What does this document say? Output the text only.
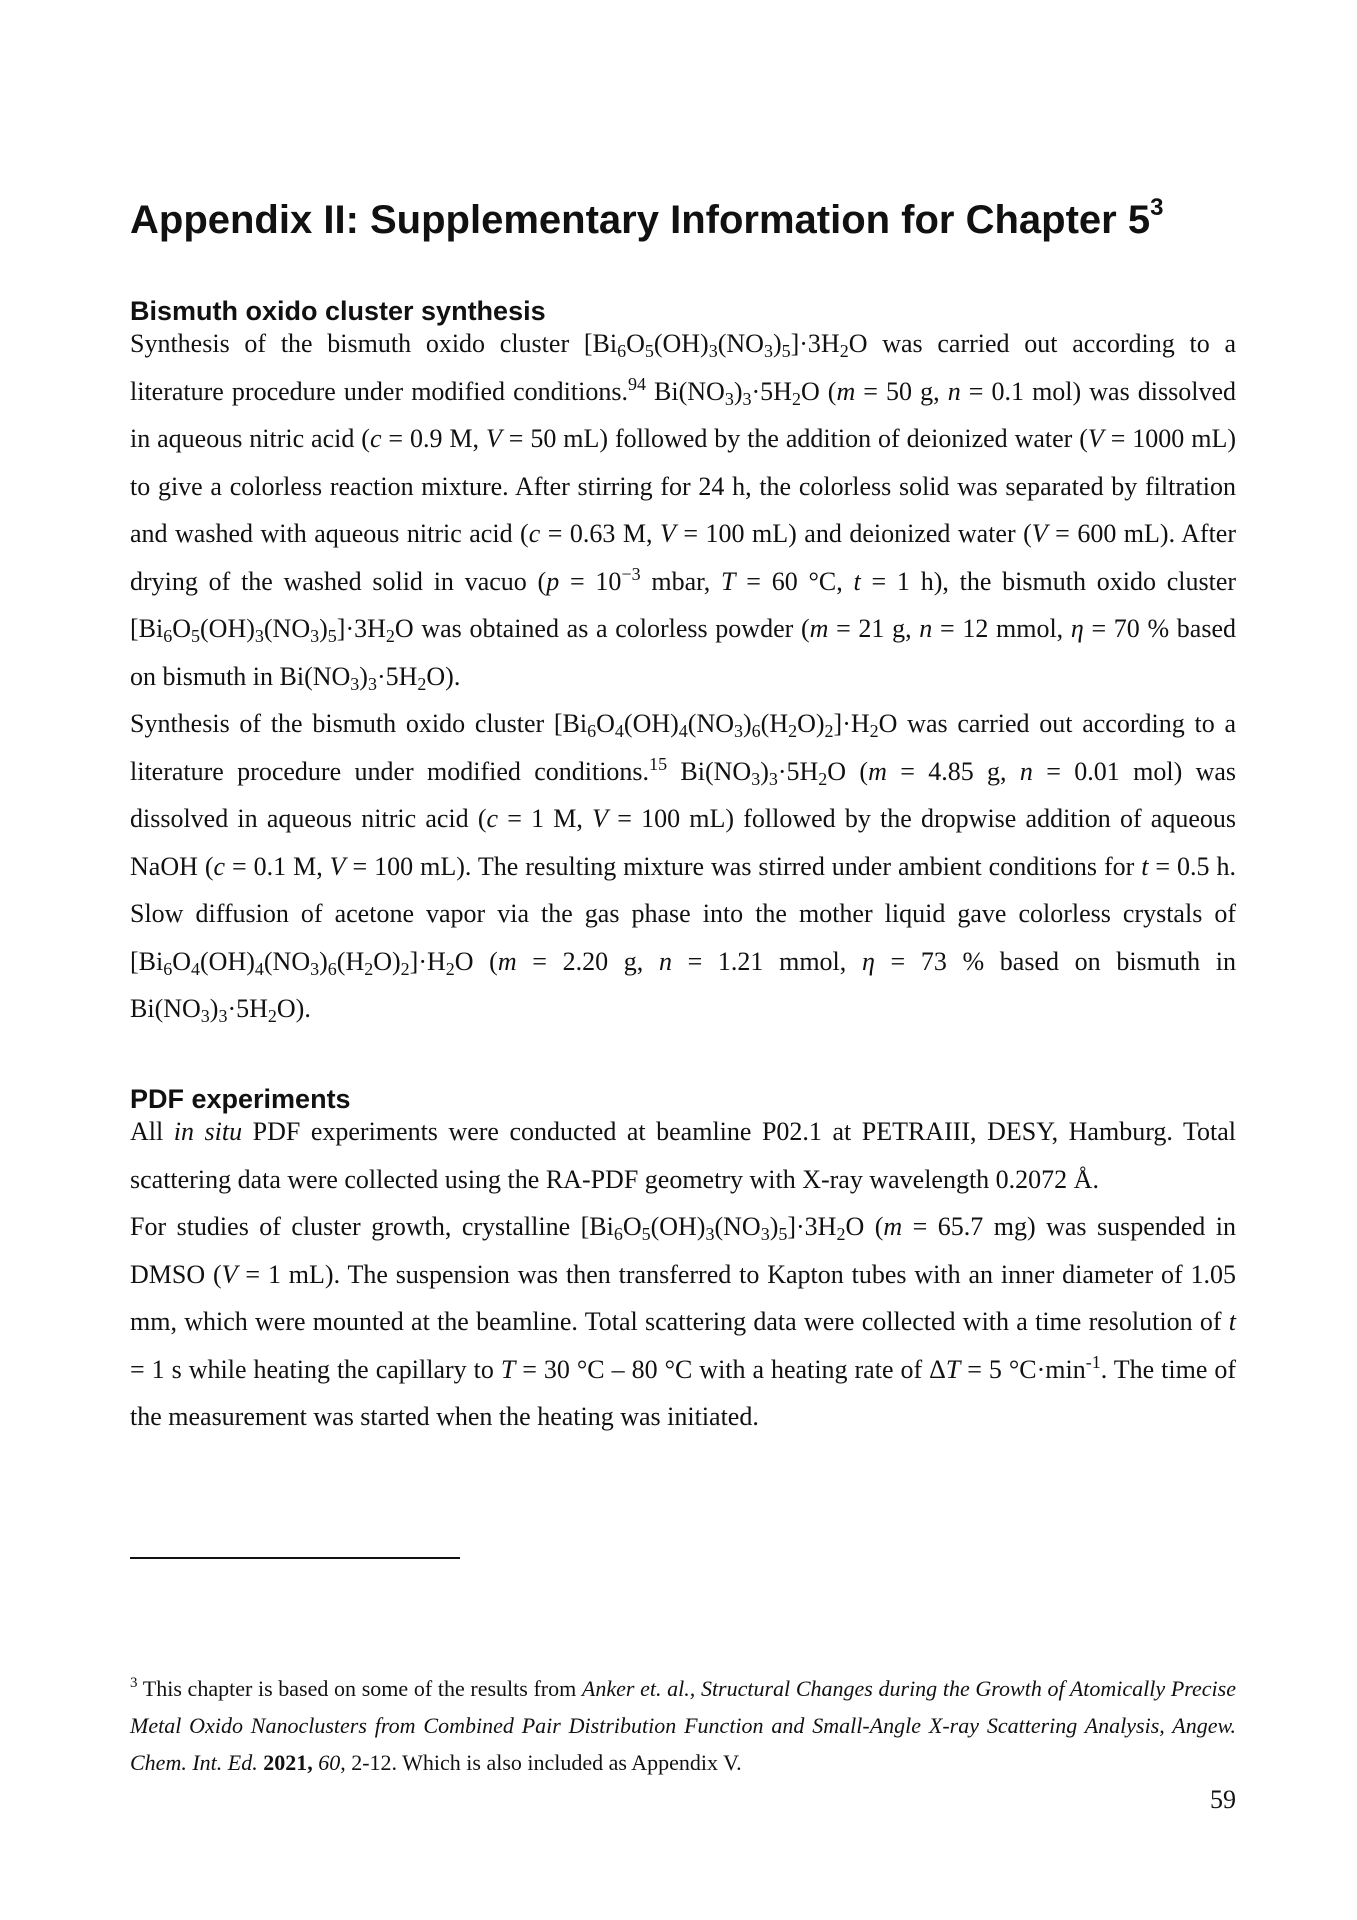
Appendix II: Supplementary Information for Chapter $5^3$
Bismuth oxido cluster synthesis

Synthesis of the bismuth oxido cluster $[Bi_6O_5(OH)_3(NO_3)_5]\cdot 3H_2O$ was carried out according to a literature procedure under modified conditions.$^{94}$ $Bi(NO_3)_3\cdot 5H_2O$ (m = 50 g, n = 0.1 mol) was dissolved in aqueous nitric acid (c = 0.9 M, V = 50 mL) followed by the addition of deionized water (V = 1000 mL) to give a colorless reaction mixture. After stirring for 24 h, the colorless solid was separated by filtration and washed with aqueous nitric acid (c = 0.63 M, V = 100 mL) and deionized water (V = 600 mL). After drying of the washed solid in vacuo ($p = 10^{-3}$ mbar, T = 60 °C, t = 1 h), the bismuth oxido cluster $[Bi_6O_5(OH)_3(NO_3)_5]\cdot 3H_2O$ was obtained as a colorless powder (m = 21 g, n = 12 mmol, η = 70 % based on bismuth in $Bi(NO_3)_3\cdot 5H_2O$).

Synthesis of the bismuth oxido cluster $[Bi_6O_4(OH)_4(NO_3)_6(H_2O)_2]\cdot H_2O$ was carried out according to a literature procedure under modified conditions.$^{15}$ $Bi(NO_3)_3\cdot 5H_2O$ (m = 4.85 g, n = 0.01 mol) was dissolved in aqueous nitric acid (c = 1 M, V = 100 mL) followed by the dropwise addition of aqueous NaOH (c = 0.1 M, V = 100 mL). The resulting mixture was stirred under ambient conditions for t = 0.5 h. Slow diffusion of acetone vapor via the gas phase into the mother liquid gave colorless crystals of $[Bi_6O_4(OH)_4(NO_3)_6(H_2O)_2]\cdot H_2O$ (m = 2.20 g, n = 1.21 mmol, η = 73 % based on bismuth in $Bi(NO_3)_3\cdot 5H_2O$).

PDF experiments

All in situ PDF experiments were conducted at beamline P02.1 at PETRAIII, DESY, Hamburg. Total scattering data were collected using the RA-PDF geometry with X-ray wavelength 0.2072 Å.

For studies of cluster growth, crystalline $[Bi_6O_5(OH)_3(NO_3)_5]\cdot 3H_2O$ (m = 65.7 mg) was suspended in DMSO (V = 1 mL). The suspension was then transferred to Kapton tubes with an inner diameter of 1.05 mm, which were mounted at the beamline. Total scattering data were collected with a time resolution of t = 1 s while heating the capillary to T = 30 °C – 80 °C with a heating rate of ΔT = 5 $^\circ C\cdot\min^{-1}$. The time of the measurement was started when the heating was initiated.

$^3$ This chapter is based on some of the results from Anker et. al., Structural Changes during the Growth of Atomically Precise Metal Oxido Nanoclusters from Combined Pair Distribution Function and Small-Angle X-ray Scattering Analysis, Angew. Chem. Int. Ed. 2021, 60, 2-12. Which is also included as Appendix V.

59
